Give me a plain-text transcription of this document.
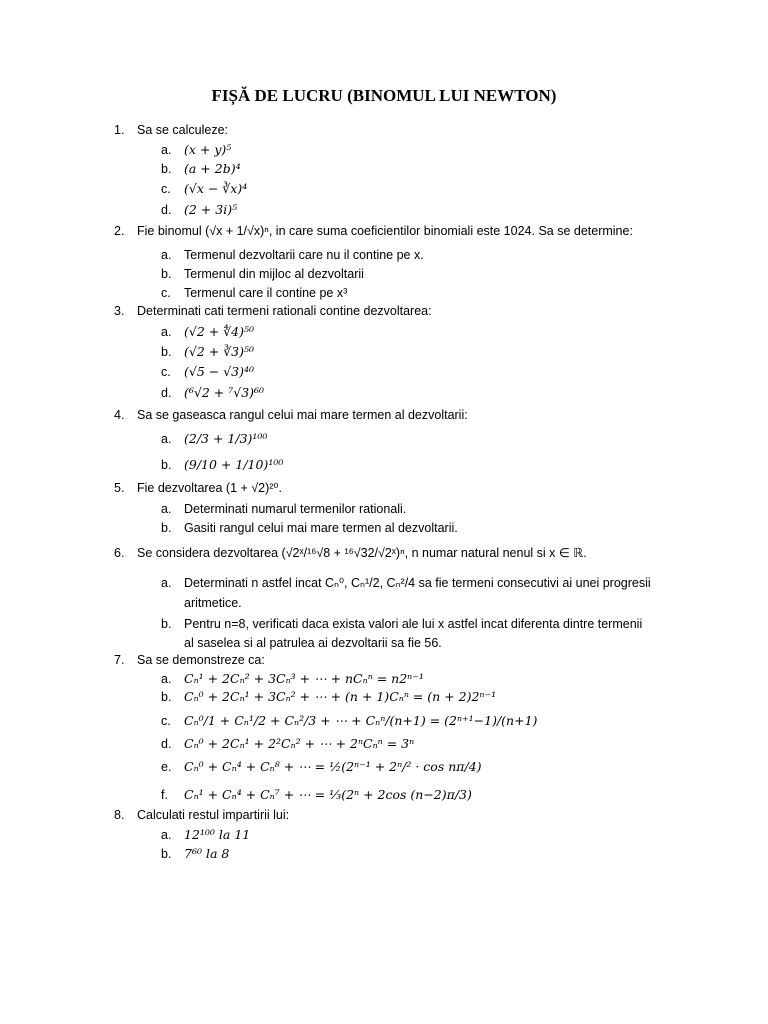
FIȘĂ DE LUCRU (BINOMUL LUI NEWTON)
1.	Sa se calculeze:
a.	(x + y)⁵
b.	(a + 2b)⁴
c.	(√x − ∛x)⁴
d.	(2 + 3i)⁵
2.	Fie binomul (√x + 1/√x)ⁿ, in care suma coeficientilor binomiali este 1024. Sa se determine:
a.	Termenul dezvoltarii care nu il contine pe x.
b.	Termenul din mijloc al dezvoltarii
c.	Termenul care il contine pe x³
3.	Determinati cati termeni rationali contine dezvoltarea:
a.	(√2 + ∜4)⁵⁰
b.	(√2 + ∛3)⁵⁰
c.	(√5 − √3)⁴⁰
d.	(⁶√2 + ⁷√3)⁶⁰
4.	Sa se gaseasca rangul celui mai mare termen al dezvoltarii:
a.	(2/3 + 1/3)¹⁰⁰
b.	(9/10 + 1/10)¹⁰⁰
5.	Fie dezvoltarea (1 + √2)²⁰.
a.	Determinati numarul termenilor rationali.
b.	Gasiti rangul celui mai mare termen al dezvoltarii.
6.	Se considera dezvoltarea (√2ˣ/¹⁶√8 + ¹⁶√32/√2ˣ)ⁿ, n numar natural nenul si x ∈ ℝ.
a.	Determinati n astfel incat Cₙ⁰, Cₙ¹/2, Cₙ²/4 sa fie termeni consecutivi ai unei progresii
aritmetice.
b.	Pentru n=8, verificati daca exista valori ale lui x astfel incat diferenta dintre termenii
al saselea si al patrulea ai dezvoltarii sa fie 56.
7.	Sa se demonstreze ca:
a.	Cₙ¹ + 2Cₙ² + 3Cₙ³ + ⋯ + nCₙⁿ = n2ⁿ⁻¹
b.	Cₙ⁰ + 2Cₙ¹ + 3Cₙ² + ⋯ + (n + 1)Cₙⁿ = (n + 2)2ⁿ⁻¹
c.	Cₙ⁰/1 + Cₙ¹/2 + Cₙ²/3 + ⋯ + Cₙⁿ/(n+1) = (2ⁿ⁺¹−1)/(n+1)
d.	Cₙ⁰ + 2Cₙ¹ + 2²Cₙ² + ⋯ + 2ⁿCₙⁿ = 3ⁿ
e.	Cₙ⁰ + Cₙ⁴ + Cₙ⁸ + ⋯ = ½(2ⁿ⁻¹ + 2ⁿ/² · cos nπ/4)
f.	Cₙ¹ + Cₙ⁴ + Cₙ⁷ + ⋯ = ⅓(2ⁿ + 2cos (n−2)π/3)
8.	Calculati restul impartirii lui:
a.	12¹⁰⁰ la 11
b.	7⁶⁰ la 8
